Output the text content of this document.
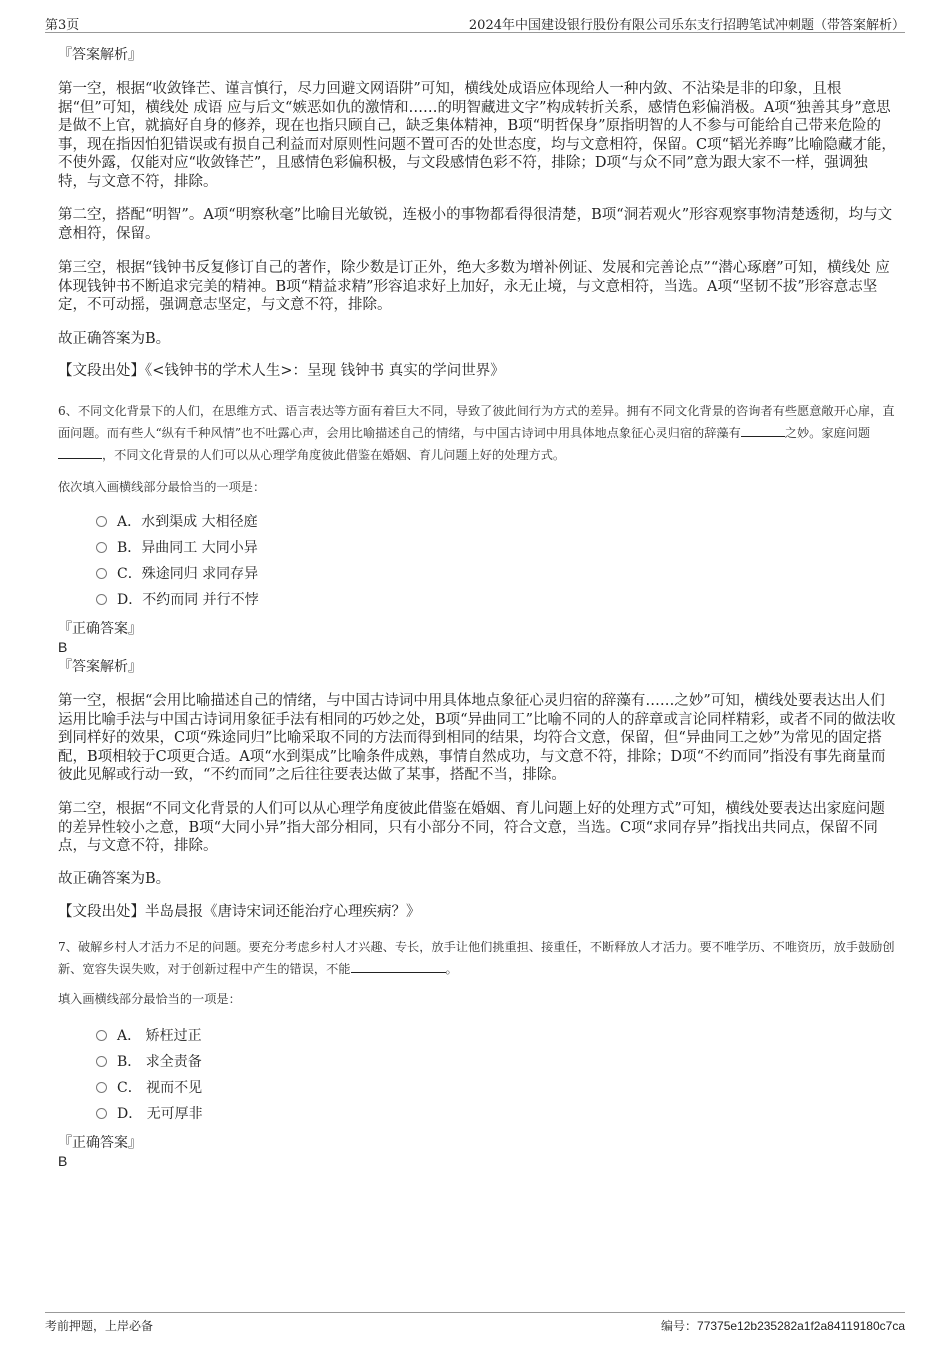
第3页	2024年中国建设银行股份有限公司乐东支行招聘笔试冲刺题（带答案解析）
『答案解析』
第一空，根据“收敛锋芒、谨言慎行，尽力回避文网语阱”可知，横线处成语应体现给人一种内敛、不沾染是非的印象，且根据“但”可知，横线处 成语 应与后文“嫉恶如仇的激情和……的明智藏进文字”构成转折关系，感情色彩偏消极。A项“独善其身”意思是做不上官，就搞好自身的修养，现在也指只顾自己，缺乏集体精神，B项“明哲保身”原指明智的人不参与可能给自己带来危险的事，现在指因怕犯错误或有损自己利益而对原则性问题不置可否的处世态度，均与文意相符，保留。C项“韬光养晦”比喻隐藏才能，不使外露，仅能对应“收敛锋芒”，且感情色彩偏积极，与文段感情色彩不符，排除；D项“与众不同”意为跟大家不一样，强调独特，与文意不符，排除。
第二空，搭配“明智”。A项“明察秋毫”比喻目光敏锐，连极小的事物都看得很清楚，B项“洞若观火”形容观察事物清楚透彻，均与文意相符，保留。
第三空，根据“钱钟书反复修订自己的著作，除少数是订正外，绝大多数为增补例证、发展和完善论点”“潜心琢磨”可知，横线处 应体现钱钟书不断追求完美的精神。B项“精益求精”形容追求好上加好，永无止境，与文意相符，当选。A项“坚韧不拔”形容意志坚定，不可动摇，强调意志坚定，与文意不符，排除。
故正确答案为B。
【文段出处】《<钱钟书的学术人生>：呈现 钱钟书 真实的学问世界》
6、不同文化背景下的人们，在思维方式、语言表达等方面有着巨大不同，导致了彼此间行为方式的差异。拥有不同文化背景的咨询者有些愿意敞开心扉，直面问题。而有些人“纵有千种风情”也不吐露心声，会用比喻描述自己的情绪，与中国古诗词中用具体地点象征心灵归宿的辞藻有	之妙。家庭问题，不同文化背景的人们可以从心理学角度彼此借鉴在婚姻、育儿问题上好的处理方式。
依次填入画横线部分最恰当的一项是：
A．水到渠成 大相径庭
B．异曲同工 大同小异
C．殊途同归 求同存异
D．不约而同 并行不悖
『正确答案』
B
『答案解析』
第一空，根据“会用比喻描述自己的情绪，与中国古诗词中用具体地点象征心灵归宿的辞藻有……之妙”可知，横线处要表达出人们运用比喻手法与中国古诗词用象征手法有相同的巧妙之处，B项“异曲同工”比喻不同的人的辞章或言论同样精彩，或者不同的做法收到同样好的效果，C项“殊途同归”比喻采取不同的方法而得到相同的结果，均符合文意，保留，但“异曲同工之妙”为常见的固定搭配，B项相较于C项更合适。A项“水到渠成”比喻条件成熟，事情自然成功，与文意不符，排除；D项“不约而同”指没有事先商量而彼此见解或行动一致，“不约而同”之后往往要表达做了某事，搭配不当，排除。
第二空，根据“不同文化背景的人们可以从心理学角度彼此借鉴在婚姻、育儿问题上好的处理方式”可知，横线处要表达出家庭问题的差异性较小之意，B项“大同小异”指大部分相同，只有小部分不同，符合文意，当选。C项“求同存异”指找出共同点，保留不同点，与文意不符，排除。
故正确答案为B。
【文段出处】半岛晨报《唐诗宋词还能治疗心理疾病？》
7、破解乡村人才活力不足的问题。要充分考虑乡村人才兴趣、专长，放手让他们挑重担、接重任，不断释放人才活力。要不唯学历、不唯资历，放手鼓励创新、宽容失误失败，对于创新过程中产生的错误，不能	。
填入画横线部分最恰当的一项是：
A． 矫枉过正
B． 求全责备
C． 视而不见
D． 无可厚非
『正确答案』
B
考前押题，上岸必备	编号：77375e12b235282a1f2a84119180c7ca
